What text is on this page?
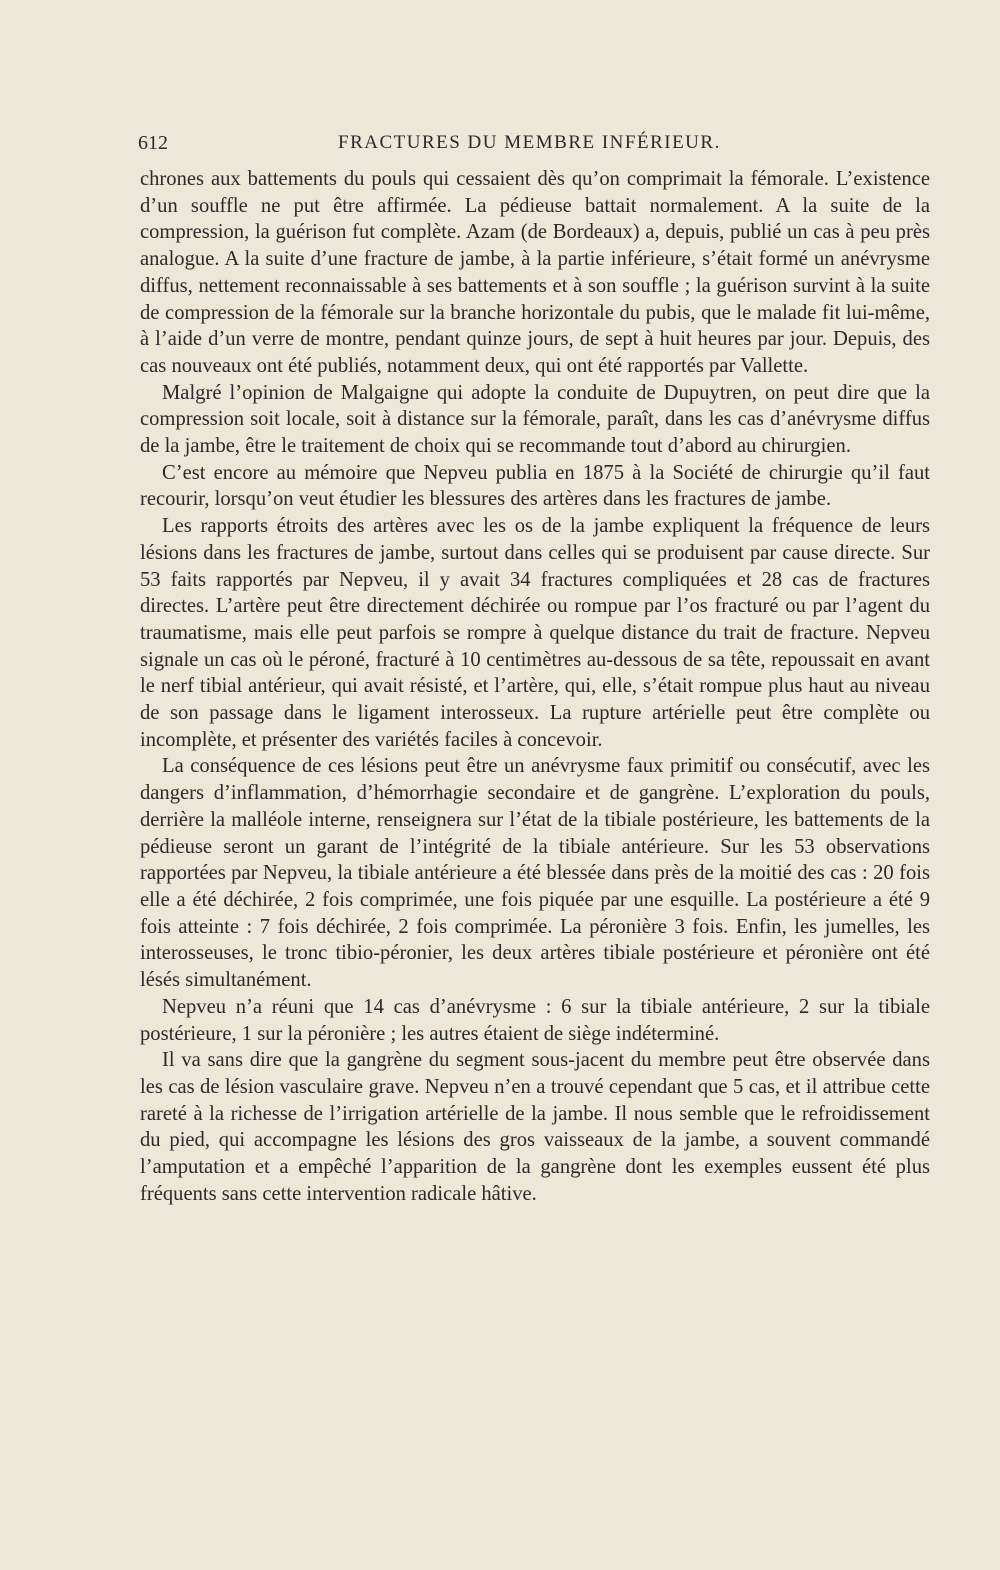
612	FRACTURES DU MEMBRE INFÉRIEUR.

chrones aux battements du pouls qui cessaient dès qu’on comprimait la fémorale. L’existence d’un souffle ne put être affirmée. La pédieuse battait normalement. A la suite de la compression, la guérison fut complète. Azam (de Bordeaux) a, depuis, publié un cas à peu près analogue. A la suite d’une fracture de jambe, à la partie inférieure, s’était formé un anévrysme diffus, nettement reconnaissable à ses battements et à son souffle ; la guérison survint à la suite de compression de la fémorale sur la branche horizontale du pubis, que le malade fit lui-même, à l’aide d’un verre de montre, pendant quinze jours, de sept à huit heures par jour. Depuis, des cas nouveaux ont été publiés, notamment deux, qui ont été rapportés par Vallette.

Malgré l’opinion de Malgaigne qui adopte la conduite de Dupuytren, on peut dire que la compression soit locale, soit à distance sur la fémorale, paraît, dans les cas d’anévrysme diffus de la jambe, être le traitement de choix qui se recommande tout d’abord au chirurgien.

C’est encore au mémoire que Nepveu publia en 1875 à la Société de chirurgie qu’il faut recourir, lorsqu’on veut étudier les blessures des artères dans les fractures de jambe.

Les rapports étroits des artères avec les os de la jambe expliquent la fréquence de leurs lésions dans les fractures de jambe, surtout dans celles qui se produisent par cause directe. Sur 53 faits rapportés par Nepveu, il y avait 34 fractures compliquées et 28 cas de fractures directes. L’artère peut être directement déchirée ou rompue par l’os fracturé ou par l’agent du traumatisme, mais elle peut parfois se rompre à quelque distance du trait de fracture. Nepveu signale un cas où le péroné, fracturé à 10 centimètres au-dessous de sa tête, repoussait en avant le nerf tibial antérieur, qui avait résisté, et l’artère, qui, elle, s’était rompue plus haut au niveau de son passage dans le ligament interosseux. La rupture artérielle peut être complète ou incomplète, et présenter des variétés faciles à concevoir.

La conséquence de ces lésions peut être un anévrysme faux primitif ou consécutif, avec les dangers d’inflammation, d’hémorrhagie secondaire et de gangrène. L’exploration du pouls, derrière la malléole interne, renseignera sur l’état de la tibiale postérieure, les battements de la pédieuse seront un garant de l’intégrité de la tibiale antérieure. Sur les 53 observations rapportées par Nepveu, la tibiale antérieure a été blessée dans près de la moitié des cas : 20 fois elle a été déchirée, 2 fois comprimée, une fois piquée par une esquille. La postérieure a été 9 fois atteinte : 7 fois déchirée, 2 fois comprimée. La péronière 3 fois. Enfin, les jumelles, les interosseuses, le tronc tibio-péronier, les deux artères tibiale postérieure et péronière ont été lésés simultanément.

Nepveu n’a réuni que 14 cas d’anévrysme : 6 sur la tibiale antérieure, 2 sur la tibiale postérieure, 1 sur la péronière ; les autres étaient de siège indéterminé.

Il va sans dire que la gangrène du segment sous-jacent du membre peut être observée dans les cas de lésion vasculaire grave. Nepveu n’en a trouvé cependant que 5 cas, et il attribue cette rareté à la richesse de l’irrigation artérielle de la jambe. Il nous semble que le refroidissement du pied, qui accompagne les lésions des gros vaisseaux de la jambe, a souvent commandé l’amputation et a empêché l’apparition de la gangrène dont les exemples eussent été plus fréquents sans cette intervention radicale hâtive.
